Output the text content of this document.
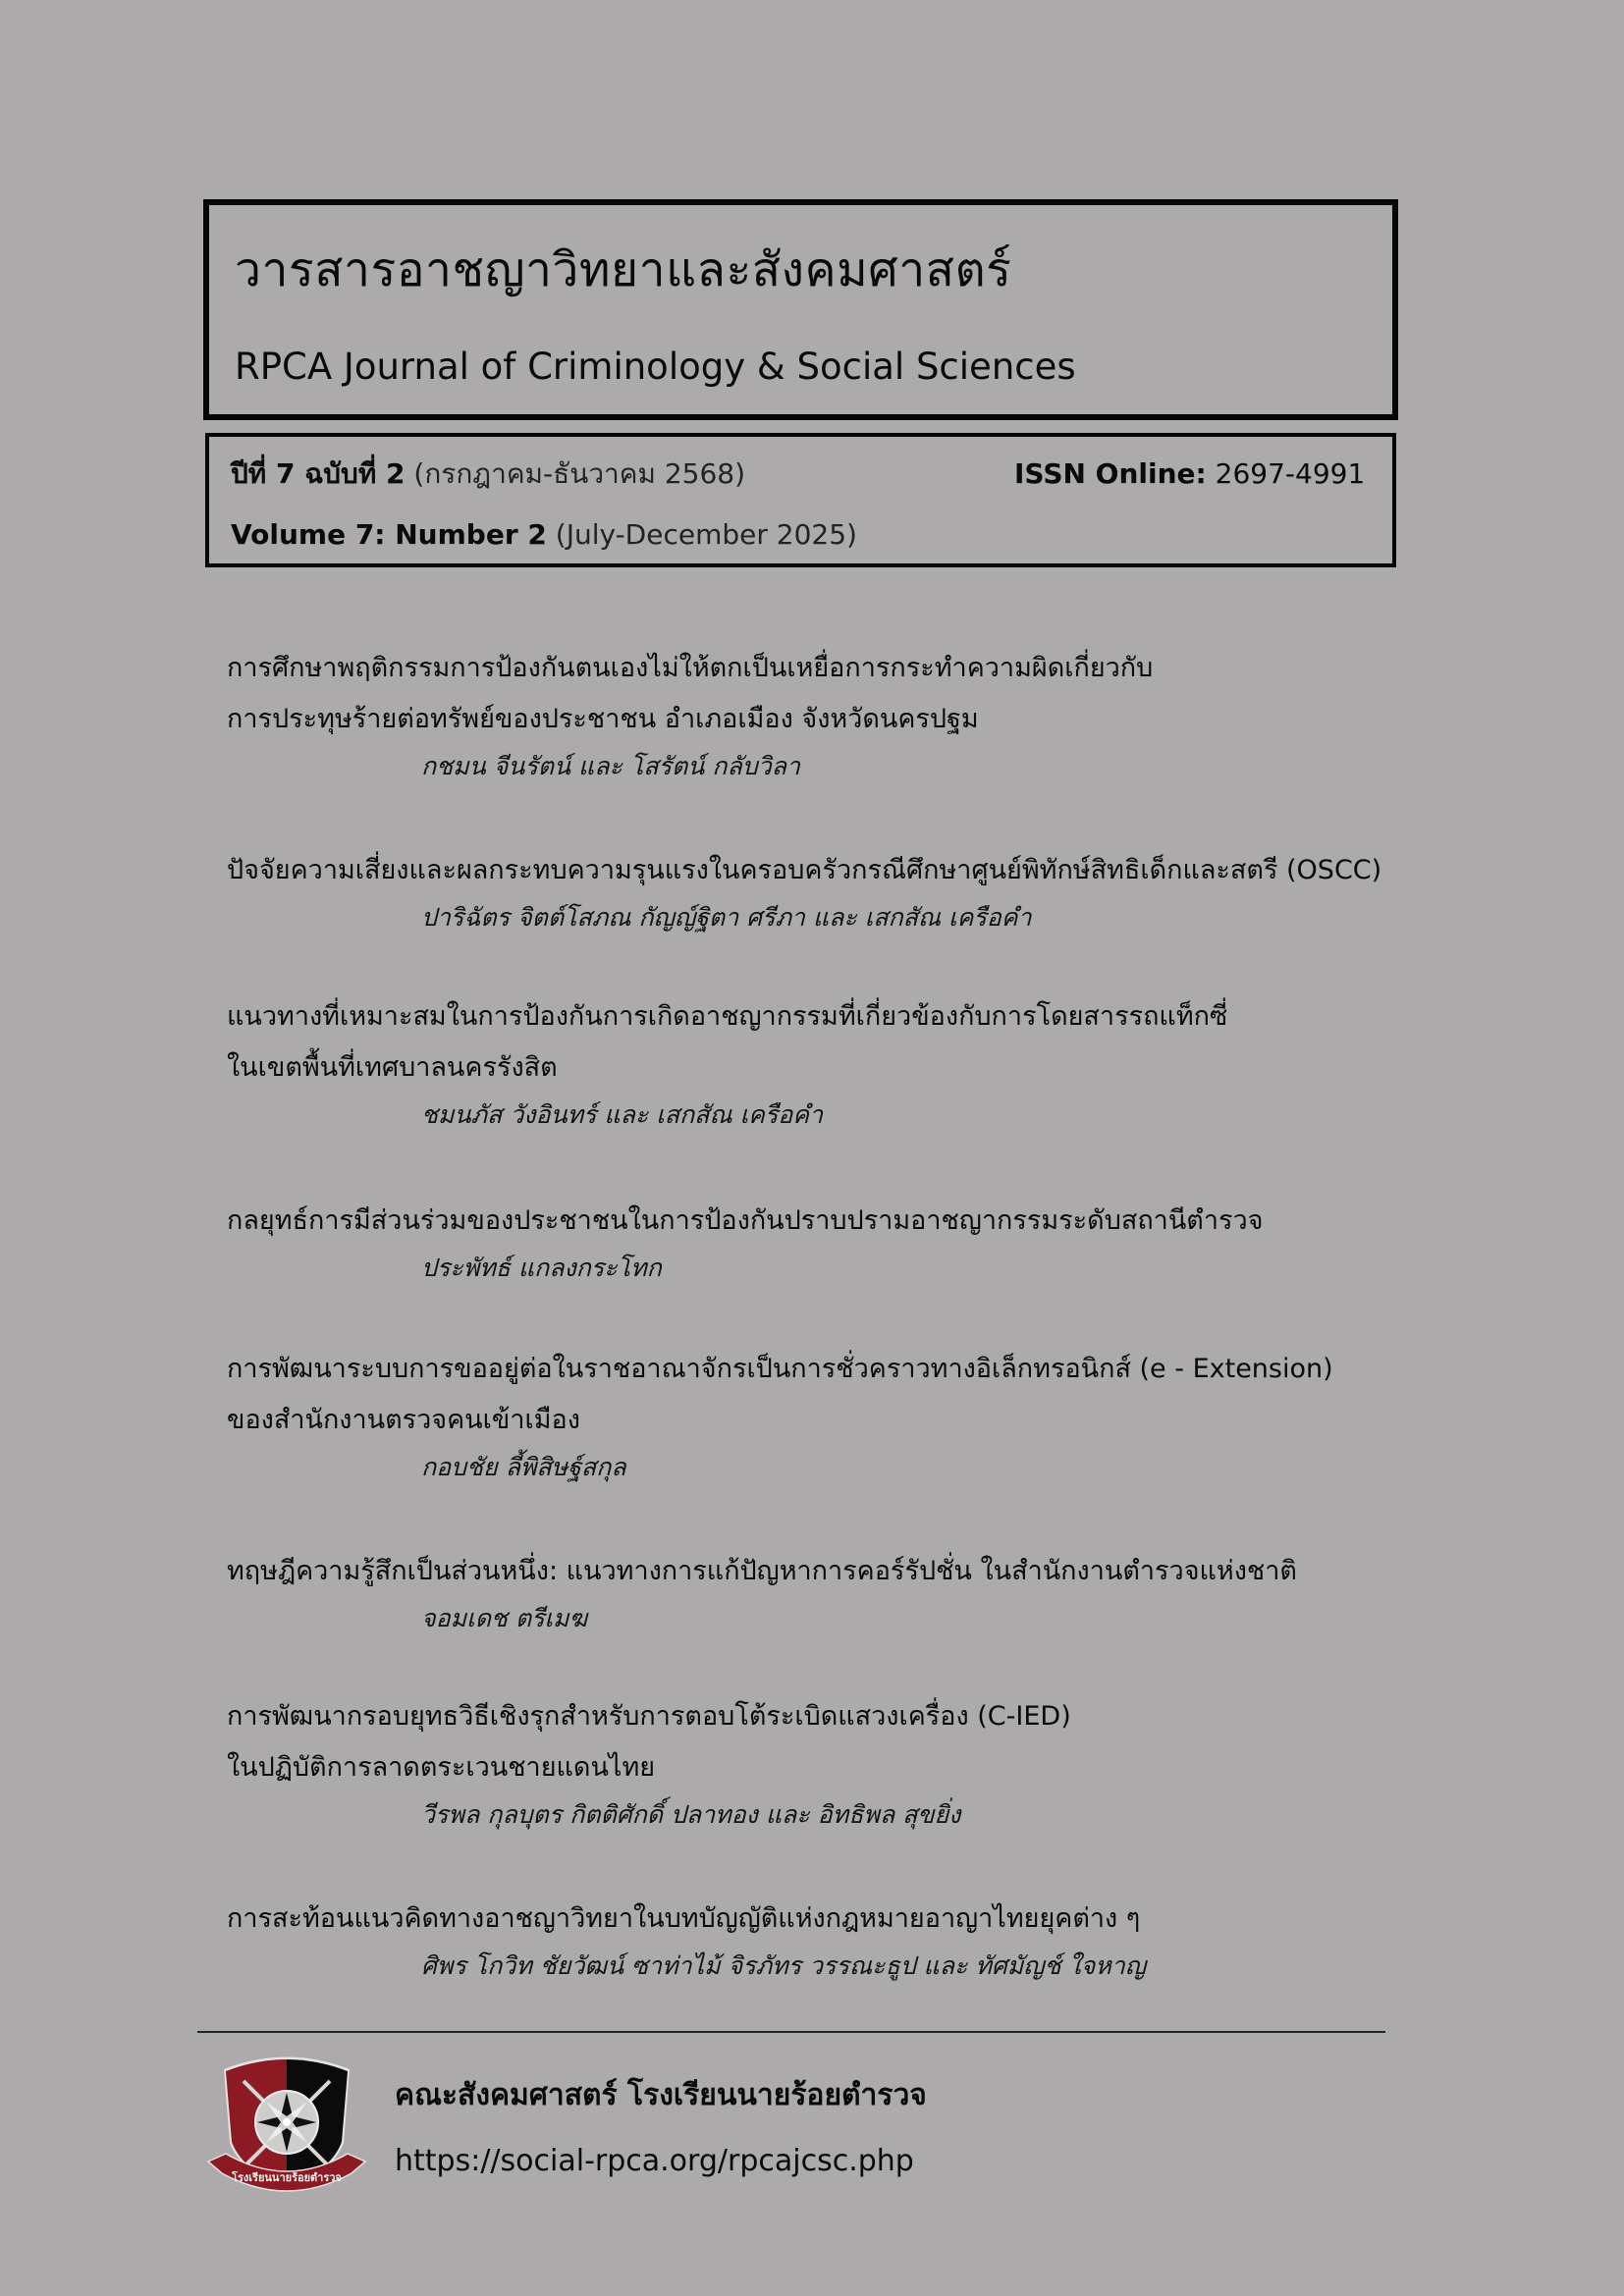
วารสารอาชญาวิทยาและสังคมศาสตร์
RPCA Journal of Criminology & Social Sciences
ปีที่ 7 ฉบับที่ 2 (กรกฎาคม-ธันวาคม 2568)	ISSN Online: 2697-4991
Volume 7: Number 2 (July-December 2025)
การศึกษาพฤติกรรมการป้องกันตนเองไม่ให้ตกเป็นเหยื่อการกระทำความผิดเกี่ยวกับ
การประทุษร้ายต่อทรัพย์ของประชาชน อำเภอเมือง จังหวัดนครปฐม
กชมน จีนรัตน์ และ โสรัตน์ กลับวิลา
ปัจจัยความเสี่ยงและผลกระทบความรุนแรงในครอบครัวกรณีศึกษาศูนย์พิทักษ์สิทธิเด็กและสตรี (OSCC)
ปาริฉัตร จิตต์โสภณ กัญญ์ฐิตา ศรีภา และ เสกสัณ เครือคำ
แนวทางที่เหมาะสมในการป้องกันการเกิดอาชญากรรมที่เกี่ยวข้องกับการโดยสารรถแท็กซี่
ในเขตพื้นที่เทศบาลนครรังสิต
ชมนภัส วังอินทร์ และ เสกสัณ เครือคำ
กลยุทธ์การมีส่วนร่วมของประชาชนในการป้องกันปราบปรามอาชญากรรมระดับสถานีตำรวจ
ประพัทธ์ แกลงกระโทก
การพัฒนาระบบการขออยู่ต่อในราชอาณาจักรเป็นการชั่วคราวทางอิเล็กทรอนิกส์ (e - Extension)
ของสำนักงานตรวจคนเข้าเมือง
กอบชัย ลี้พิสิษฐ์สกุล
ทฤษฎีความรู้สึกเป็นส่วนหนึ่ง: แนวทางการแก้ปัญหาการคอร์รัปชั่น ในสำนักงานตำรวจแห่งชาติ
จอมเดช ตรีเมฆ
การพัฒนากรอบยุทธวิธีเชิงรุกสำหรับการตอบโต้ระเบิดแสวงเครื่อง (C-IED)
ในปฏิบัติการลาดตระเวนชายแดนไทย
วีรพล กุลบุตร กิตติศักดิ์ ปลาทอง และ อิทธิพล สุขยิ่ง
การสะท้อนแนวคิดทางอาชญาวิทยาในบทบัญญัติแห่งกฎหมายอาญาไทยยุคต่าง ๆ
ศิพร โกวิท ชัยวัฒน์ ซาท่าไม้ จิรภัทร วรรณะธูป และ ทัศมัญช์ ใจหาญ
โรงเรียนนายร้อยตำรวจ
คณะสังคมศาสตร์ โรงเรียนนายร้อยตำรวจ
https://social-rpca.org/rpcajcsc.php
